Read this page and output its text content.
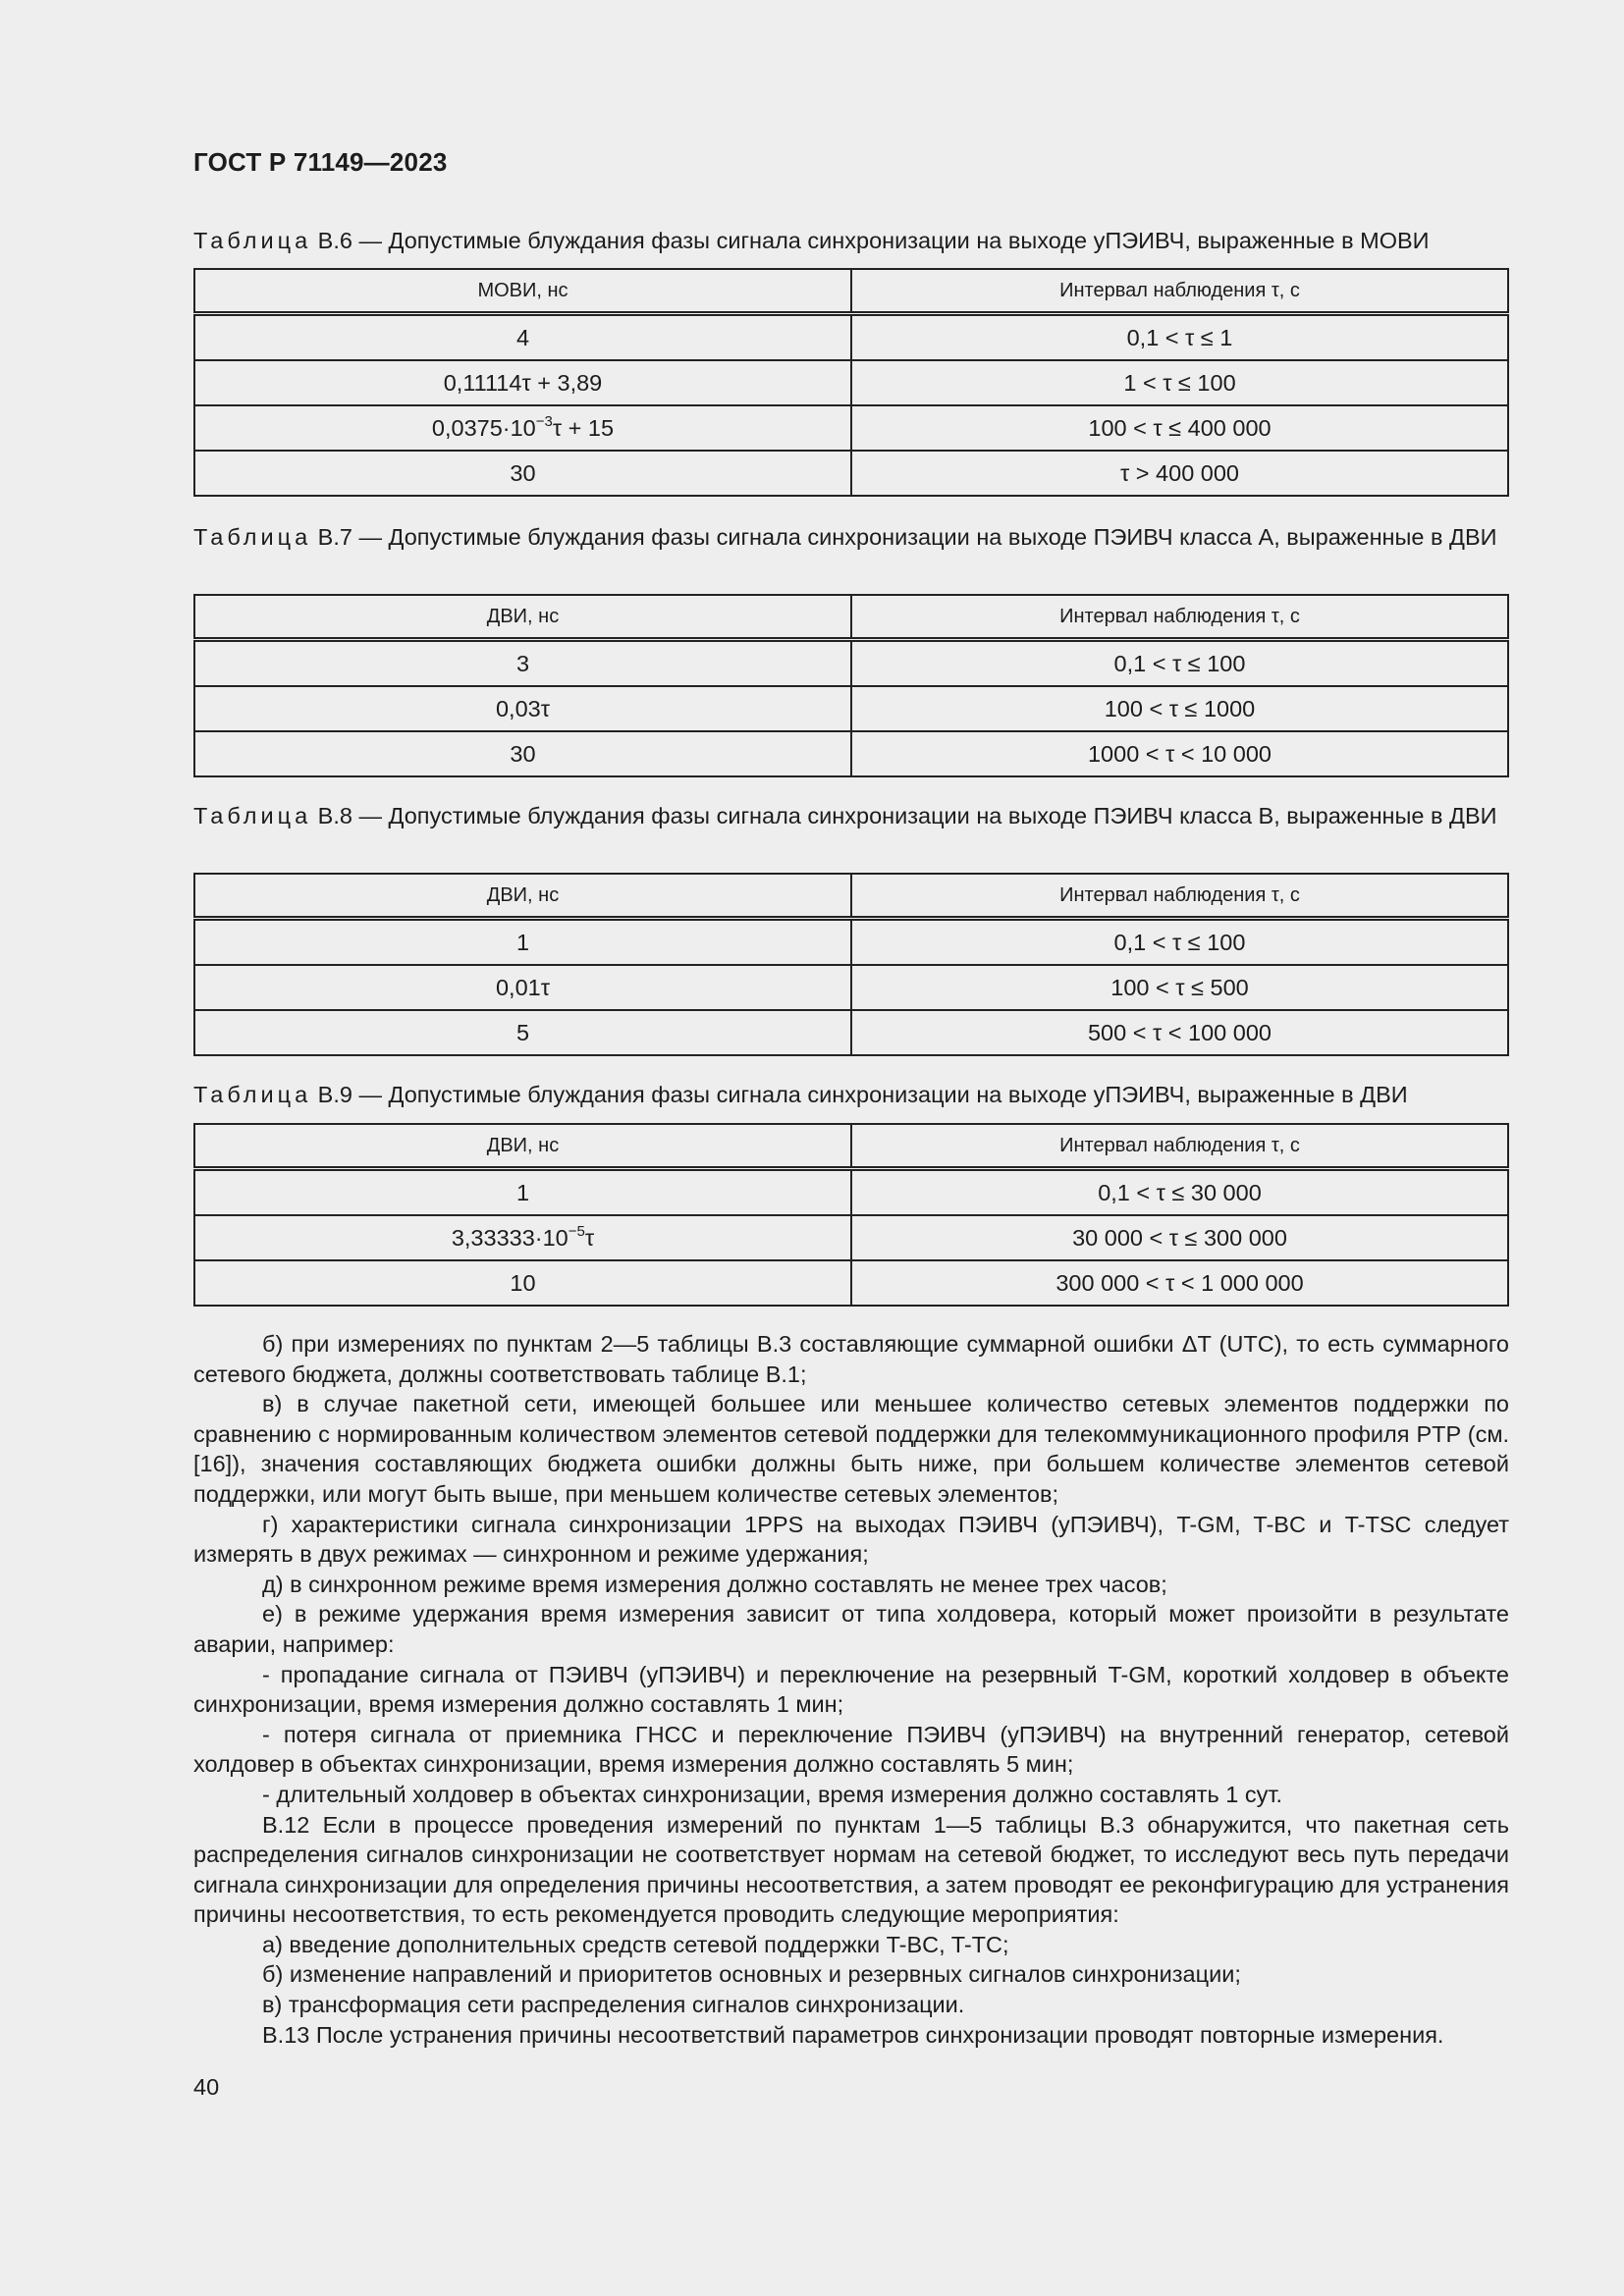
ГОСТ Р 71149—2023
Таблица В.6 — Допустимые блуждания фазы сигнала синхронизации на выходе уПЭИВЧ, выраженные в МОВИ
МОВИ, нс	Интервал наблюдения τ, с
4	0,1 < τ ≤ 1
0,11114τ + 3,89	1 < τ ≤ 100
$0,0375\cdot 10^{-3}\tau + 15$	100 < τ ≤ 400 000
30	τ > 400 000
Таблица В.7 — Допустимые блуждания фазы сигнала синхронизации на выходе ПЭИВЧ класса А, выраженные в ДВИ
ДВИ, нс	Интервал наблюдения τ, с
3	0,1 < τ ≤ 100
0,03τ	100 < τ ≤ 1000
30	1000 < τ < 10 000
Таблица В.8 — Допустимые блуждания фазы сигнала синхронизации на выходе ПЭИВЧ класса В, выраженные в ДВИ
ДВИ, нс	Интервал наблюдения τ, с
1	0,1 < τ ≤ 100
0,01τ	100 < τ ≤ 500
5	500 < τ < 100 000
Таблица В.9 — Допустимые блуждания фазы сигнала синхронизации на выходе уПЭИВЧ, выраженные в ДВИ
ДВИ, нс	Интервал наблюдения τ, с
1	0,1 < τ ≤ 30 000
$3,33333\cdot 10^{-5}\tau$	30 000 < τ ≤ 300 000
10	300 000 < τ < 1 000 000

б) при измерениях по пунктам 2—5 таблицы В.3 составляющие суммарной ошибки ΔT (UTC), то есть суммарного сетевого бюджета, должны соответствовать таблице В.1;

в) в случае пакетной сети, имеющей большее или меньшее количество сетевых элементов поддержки по сравнению с нормированным количеством элементов сетевой поддержки для телекоммуникационного профиля PTP (см. [16]), значения составляющих бюджета ошибки должны быть ниже, при большем количестве элементов сетевой поддержки, или могут быть выше, при меньшем количестве сетевых элементов;

г) характеристики сигнала синхронизации 1PPS на выходах ПЭИВЧ (уПЭИВЧ), T-GM, T-BC и T-TSC следует измерять в двух режимах — синхронном и режиме удержания;

д) в синхронном режиме время измерения должно составлять не менее трех часов;

е) в режиме удержания время измерения зависит от типа холдовера, который может произойти в результате аварии, например:

- пропадание сигнала от ПЭИВЧ (уПЭИВЧ) и переключение на резервный T-GM, короткий холдовер в объекте синхронизации, время измерения должно составлять 1 мин;

- потеря сигнала от приемника ГНСС и переключение ПЭИВЧ (уПЭИВЧ) на внутренний генератор, сетевой холдовер в объектах синхронизации, время измерения должно составлять 5 мин;

- длительный холдовер в объектах синхронизации, время измерения должно составлять 1 сут.

В.12 Если в процессе проведения измерений по пунктам 1—5 таблицы В.3 обнаружится, что пакетная сеть распределения сигналов синхронизации не соответствует нормам на сетевой бюджет, то исследуют весь путь передачи сигнала синхронизации для определения причины несоответствия, а затем проводят ее реконфигурацию для устранения причины несоответствия, то есть рекомендуется проводить следующие мероприятия:

а) введение дополнительных средств сетевой поддержки T-BC, T-TC;

б) изменение направлений и приоритетов основных и резервных сигналов синхронизации;

в) трансформация сети распределения сигналов синхронизации.

В.13 После устранения причины несоответствий параметров синхронизации проводят повторные измерения.

40
